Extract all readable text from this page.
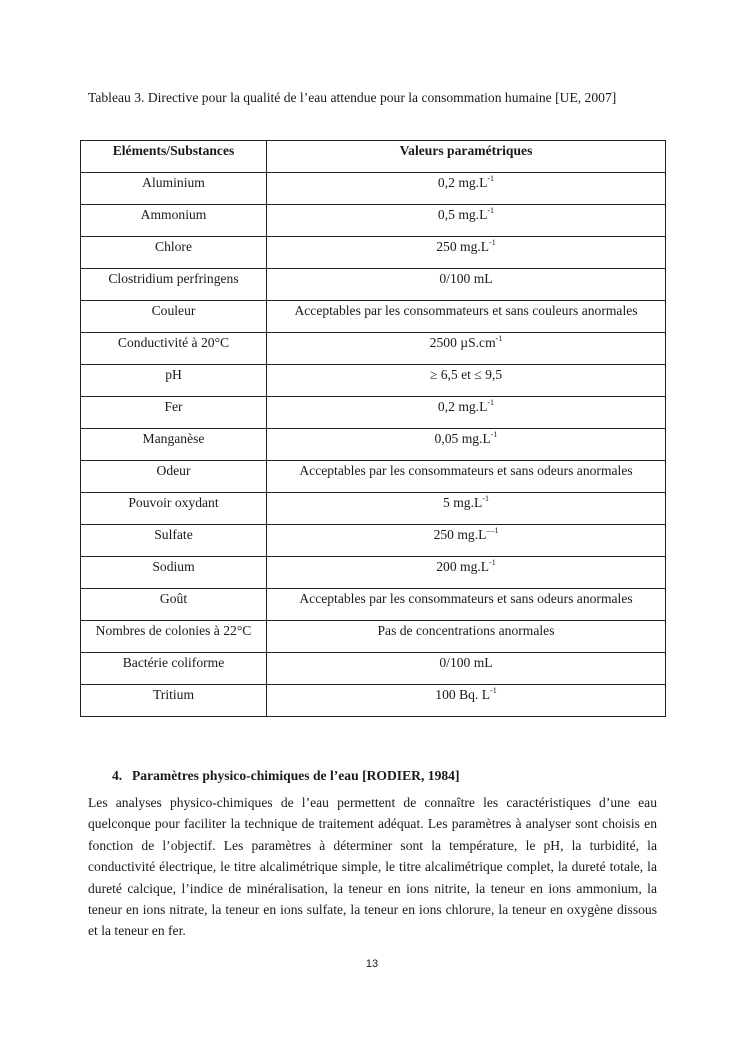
Tableau 3. Directive pour la qualité de l’eau attendue pour la consommation humaine [UE, 2007]
Eléments/Substances	Valeurs paramétriques
Aluminium	0,2 $mg.L^{-1}$
Ammonium	0,5 $mg.L^{-1}$
Chlore	250 $mg.L^{-1}$
Clostridium perfringens	0/100 mL
Couleur	Acceptables par les consommateurs et sans couleurs anormales
Conductivité à 20°C	2500 $\mu S.cm^{-1}$
pH	≥ 6,5 et ≤ 9,5
Fer	0,2 $mg.L^{-1}$
Manganèse	0,05 $mg.L^{-1}$
Odeur	Acceptables par les consommateurs et sans odeurs anormales
Pouvoir oxydant	5 $mg.L^{-1}$
Sulfate	250 $mg.L^{—1}$
Sodium	200 $mg.L^{-1}$
Goût	Acceptables par les consommateurs et sans odeurs anormales
Nombres de colonies à 22°C	Pas de concentrations anormales
Bactérie coliforme	0/100 mL
Tritium	100 Bq. $L^{-1}$
4. Paramètres physico-chimiques de l’eau [RODIER, 1984]
Les analyses physico-chimiques de l’eau permettent de connaître les caractéristiques d’une eau quelconque pour faciliter la technique de traitement adéquat. Les paramètres à analyser sont choisis en fonction de l’objectif. Les paramètres à déterminer sont la température, le pH, la turbidité, la conductivité électrique, le titre alcalimétrique simple, le titre alcalimétrique complet, la dureté totale, la dureté calcique, l’indice de minéralisation, la teneur en ions nitrite, la teneur en ions ammonium, la teneur en ions nitrate, la teneur en ions sulfate, la teneur en ions chlorure, la teneur en oxygène dissous et la teneur en fer.
13
